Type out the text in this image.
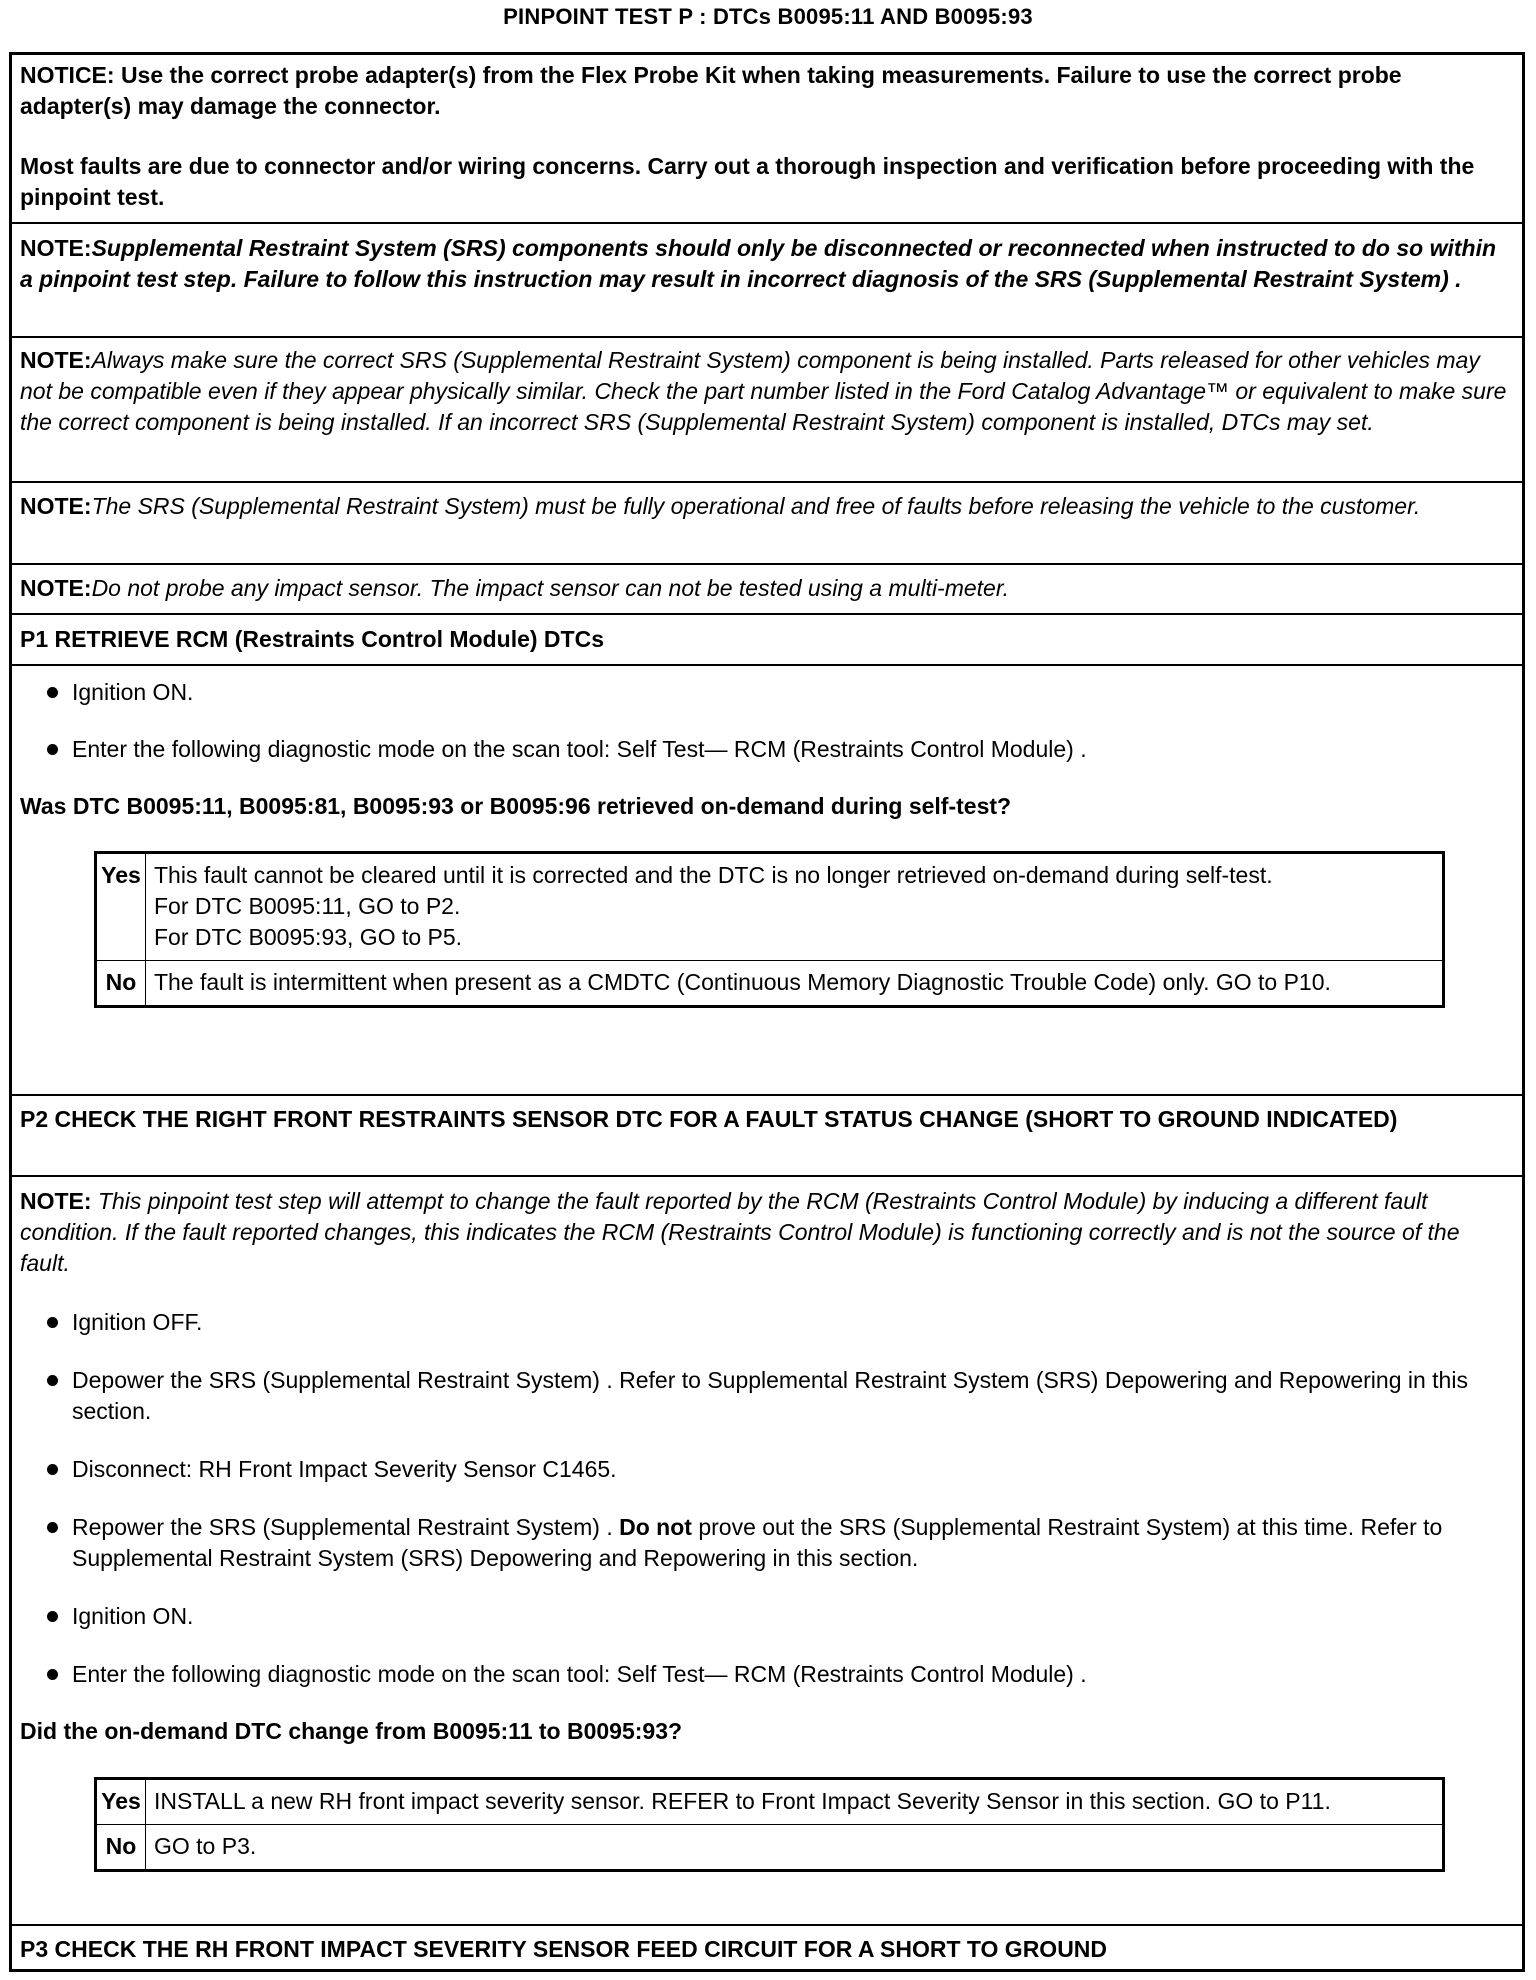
PINPOINT TEST P : DTCs B0095:11 AND B0095:93
NOTICE: Use the correct probe adapter(s) from the Flex Probe Kit when taking measurements. Failure to use the correct probe adapter(s) may damage the connector.
Most faults are due to connector and/or wiring concerns. Carry out a thorough inspection and verification before proceeding with the pinpoint test.
NOTE:Supplemental Restraint System (SRS) components should only be disconnected or reconnected when instructed to do so within a pinpoint test step. Failure to follow this instruction may result in incorrect diagnosis of the SRS (Supplemental Restraint System) .
NOTE:Always make sure the correct SRS (Supplemental Restraint System) component is being installed. Parts released for other vehicles may not be compatible even if they appear physically similar. Check the part number listed in the Ford Catalog Advantage™ or equivalent to make sure the correct component is being installed. If an incorrect SRS (Supplemental Restraint System) component is installed, DTCs may set.
NOTE:The SRS (Supplemental Restraint System) must be fully operational and free of faults before releasing the vehicle to the customer.
NOTE:Do not probe any impact sensor. The impact sensor can not be tested using a multi-meter.
P1 RETRIEVE RCM (Restraints Control Module) DTCs
Ignition ON.
Enter the following diagnostic mode on the scan tool: Self Test— RCM (Restraints Control Module) .
Was DTC B0095:11, B0095:81, B0095:93 or B0095:96 retrieved on-demand during self-test?
Yes	This fault cannot be cleared until it is corrected and the DTC is no longer retrieved on-demand during self-test.
For DTC B0095:11, GO to P2.
For DTC B0095:93, GO to P5.

No	The fault is intermittent when present as a CMDTC (Continuous Memory Diagnostic Trouble Code) only. GO to P10.
P2 CHECK THE RIGHT FRONT RESTRAINTS SENSOR DTC FOR A FAULT STATUS CHANGE (SHORT TO GROUND INDICATED)
NOTE: This pinpoint test step will attempt to change the fault reported by the RCM (Restraints Control Module) by inducing a different fault condition. If the fault reported changes, this indicates the RCM (Restraints Control Module) is functioning correctly and is not the source of the fault.
Ignition OFF.
Depower the SRS (Supplemental Restraint System) . Refer to Supplemental Restraint System (SRS) Depowering and Repowering in this section.
Disconnect: RH Front Impact Severity Sensor C1465.
Repower the SRS (Supplemental Restraint System) . Do not prove out the SRS (Supplemental Restraint System) at this time. Refer to Supplemental Restraint System (SRS) Depowering and Repowering in this section.
Ignition ON.
Enter the following diagnostic mode on the scan tool: Self Test— RCM (Restraints Control Module) .
Did the on-demand DTC change from B0095:11 to B0095:93?
Yes	INSTALL a new RH front impact severity sensor. REFER to Front Impact Severity Sensor in this section. GO to P11.
No	GO to P3.
P3 CHECK THE RH FRONT IMPACT SEVERITY SENSOR FEED CIRCUIT FOR A SHORT TO GROUND
